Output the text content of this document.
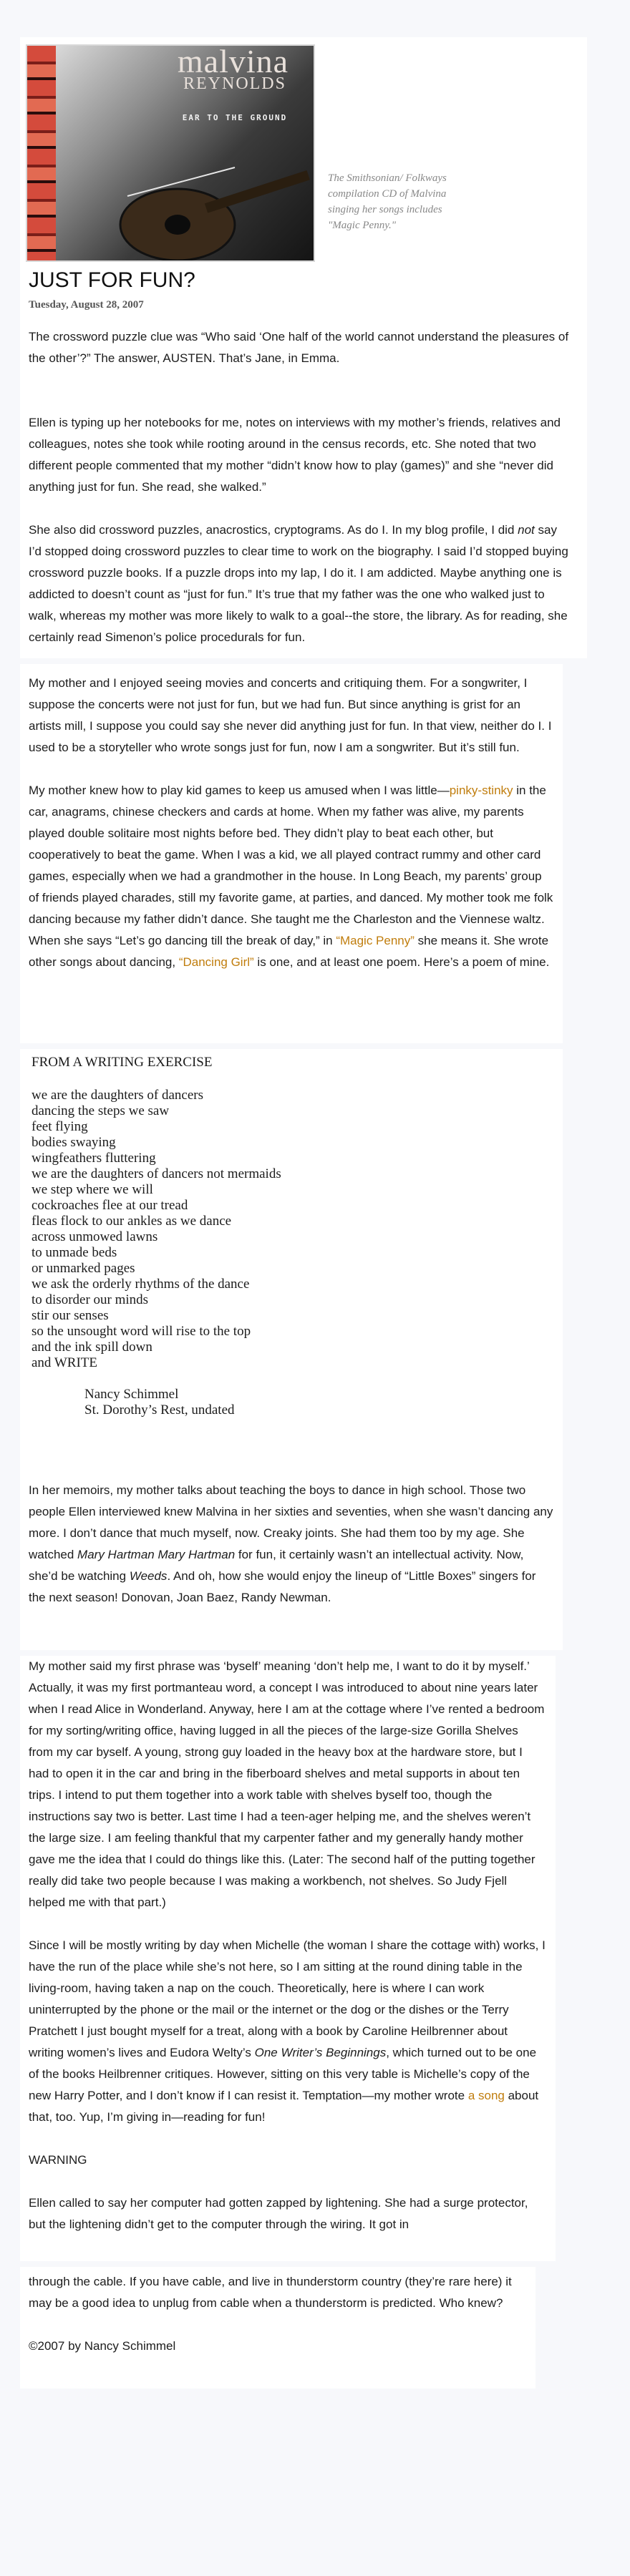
malvina
REYNOLDS
EAR TO THE GROUND
The Smithsonian/ Folkways compilation CD of Malvina singing her songs includes "Magic Penny."
JUST FOR FUN?
Tuesday, August 28, 2007

The crossword puzzle clue was “Who said ‘One half of the world cannot understand the pleasures of the other’?” The answer, AUSTEN. That’s Jane, in Emma.

Ellen is typing up her notebooks for me, notes on interviews with my mother’s friends, relatives and colleagues, notes she took while rooting around in the census records, etc. She noted that two different people commented that my mother “didn’t know how to play (games)” and she “never did anything just for fun. She read, she walked.”

She also did crossword puzzles, anacrostics, cryptograms. As do I. In my blog profile, I did not say I’d stopped doing crossword puzzles to clear time to work on the biography. I said I’d stopped buying crossword puzzle books. If a puzzle drops into my lap, I do it. I am addicted. Maybe anything one is addicted to doesn’t count as “just for fun.” It’s true that my father was the one who walked just to walk, whereas my mother was more likely to walk to a goal--the store, the library. As for reading, she certainly read Simenon’s police procedurals for fun.

My mother and I enjoyed seeing movies and concerts and critiquing them. For a songwriter, I suppose the concerts were not just for fun, but we had fun. But since anything is grist for an artists mill, I suppose you could say she never did anything just for fun. In that view, neither do I. I used to be a storyteller who wrote songs just for fun, now I am a songwriter. But it’s still fun.

My mother knew how to play kid games to keep us amused when I was little—pinky-stinky in the car, anagrams, chinese checkers and cards at home. When my father was alive, my parents played double solitaire most nights before bed. They didn’t play to beat each other, but cooperatively to beat the game. When I was a kid, we all played contract rummy and other card games, especially when we had a grandmother in the house. In Long Beach, my parents’ group of friends played charades, still my favorite game, at parties, and danced. My mother took me folk dancing because my father didn’t dance. She taught me the Charleston and the Viennese waltz. When she says “Let’s go dancing till the break of day,” in “Magic Penny” she means it. She wrote other songs about dancing, “Dancing Girl” is one, and at least one poem. Here’s a poem of mine.

FROM A WRITING EXERCISE

we are the daughters of dancers

dancing the steps we saw

feet flying

bodies swaying

wingfeathers fluttering

we are the daughters of dancers not mermaids

we step where we will

cockroaches flee at our tread

fleas flock to our ankles as we dance

across unmowed lawns

to unmade beds

or unmarked pages

we ask the orderly rhythms of the dance

to disorder our minds

stir our senses

so the unsought word will rise to the top

and the ink spill down

and WRITE

Nancy Schimmel

St. Dorothy’s Rest, undated

In her memoirs, my mother talks about teaching the boys to dance in high school. Those two people Ellen interviewed knew Malvina in her sixties and seventies, when she wasn’t dancing any more. I don’t dance that much myself, now. Creaky joints. She had them too by my age. She watched Mary Hartman Mary Hartman for fun, it certainly wasn’t an intellectual activity. Now, she’d be watching Weeds. And oh, how she would enjoy the lineup of “Little Boxes” singers for the next season! Donovan, Joan Baez, Randy Newman.

My mother said my first phrase was ‘byself’ meaning ‘don’t help me, I want to do it by myself.’ Actually, it was my first portmanteau word, a concept I was introduced to about nine years later when I read Alice in Wonderland. Anyway, here I am at the cottage where I’ve rented a bedroom for my sorting/writing office, having lugged in all the pieces of the large-size Gorilla Shelves from my car byself. A young, strong guy loaded in the heavy box at the hardware store, but I had to open it in the car and bring in the fiberboard shelves and metal supports in about ten trips. I intend to put them together into a work table with shelves byself too, though the instructions say two is better. Last time I had a teen-ager helping me, and the shelves weren’t the large size. I am feeling thankful that my carpenter father and my generally handy mother gave me the idea that I could do things like this. (Later: The second half of the putting together really did take two people because I was making a workbench, not shelves. So Judy Fjell helped me with that part.)

Since I will be mostly writing by day when Michelle (the woman I share the cottage with) works, I have the run of the place while she’s not here, so I am sitting at the round dining table in the living-room, having taken a nap on the couch. Theoretically, here is where I can work uninterrupted by the phone or the mail or the internet or the dog or the dishes or the Terry Pratchett I just bought myself for a treat, along with a book by Caroline Heilbrenner about writing women’s lives and Eudora Welty’s One Writer’s Beginnings, which turned out to be one of the books Heilbrenner critiques. However, sitting on this very table is Michelle’s copy of the new Harry Potter, and I don’t know if I can resist it. Temptation—my mother wrote a song about that, too. Yup, I’m giving in—reading for fun!

WARNING

Ellen called to say her computer had gotten zapped by lightening. She had a surge protector, but the lightening didn’t get to the computer through the wiring. It got in

through the cable. If you have cable, and live in thunderstorm country (they’re rare here) it may be a good idea to unplug from cable when a thunderstorm is predicted. Who knew?

©2007 by Nancy Schimmel
